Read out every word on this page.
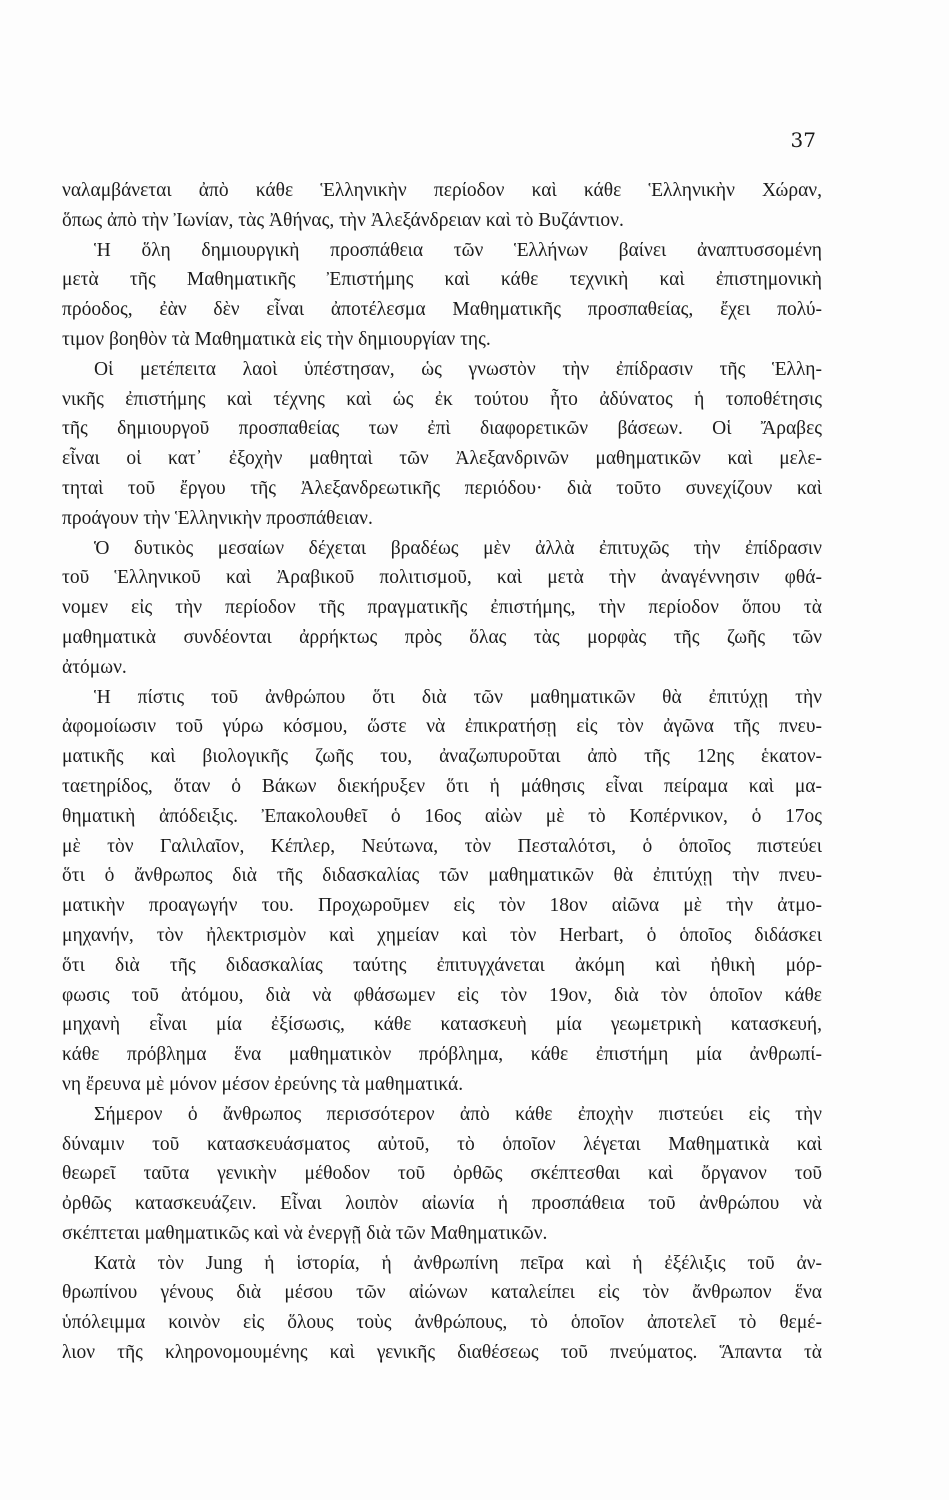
37
ναλαμβάνεται ἀπὸ κάθε Ἑλληνικὴν περίοδον καὶ κάθε Ἑλληνικὴν Χώραν,
ὅπως ἀπὸ τὴν Ἰωνίαν, τὰς Ἀθήνας, τὴν Ἀλεξάνδρειαν καὶ τὸ Βυζάντιον.
Ἡ ὅλη δημιουργικὴ προσπάθεια τῶν Ἑλλήνων βαίνει ἀναπτυσσομένη
μετὰ τῆς Μαθηματικῆς Ἐπιστήμης καὶ κάθε τεχνικὴ καὶ ἐπιστημονικὴ
πρόοδος, ἐὰν δὲν εἶναι ἀποτέλεσμα Μαθηματικῆς προσπαθείας, ἔχει πολύ-
τιμον βοηθὸν τὰ Μαθηματικὰ εἰς τὴν δημιουργίαν της.
Οἱ μετέπειτα λαοὶ ὑπέστησαν, ὡς γνωστὸν τὴν ἐπίδρασιν τῆς Ἑλλη-
νικῆς ἐπιστήμης καὶ τέχνης καὶ ὡς ἐκ τούτου ἦτο ἀδύνατος ἡ τοποθέτησις
τῆς δημιουργοῦ προσπαθείας των ἐπὶ διαφορετικῶν βάσεων. Οἱ Ἄραβες
εἶναι οἱ κατ᾽ ἐξοχὴν μαθηταὶ τῶν Ἀλεξανδρινῶν μαθηματικῶν καὶ μελε-
τηταὶ τοῦ ἔργου τῆς Ἀλεξανδρεωτικῆς περιόδου· διὰ τοῦτο συνεχίζουν καὶ
προάγουν τὴν Ἑλληνικὴν προσπάθειαν.
Ὁ δυτικὸς μεσαίων δέχεται βραδέως μὲν ἀλλὰ ἐπιτυχῶς τὴν ἐπίδρασιν
τοῦ Ἑλληνικοῦ καὶ Ἀραβικοῦ πολιτισμοῦ, καὶ μετὰ τὴν ἀναγέννησιν φθά-
νομεν εἰς τὴν περίοδον τῆς πραγματικῆς ἐπιστήμης, τὴν περίοδον ὅπου τὰ
μαθηματικὰ συνδέονται ἀρρήκτως πρὸς ὅλας τὰς μορφὰς τῆς ζωῆς τῶν
ἀτόμων.
Ἡ πίστις τοῦ ἀνθρώπου ὅτι διὰ τῶν μαθηματικῶν θὰ ἐπιτύχῃ τὴν
ἀφομοίωσιν τοῦ γύρω κόσμου, ὥστε νὰ ἐπικρατήσῃ εἰς τὸν ἀγῶνα τῆς πνευ-
ματικῆς καὶ βιολογικῆς ζωῆς του, ἀναζωπυροῦται ἀπὸ τῆς 12ης ἑκατον-
ταετηρίδος, ὅταν ὁ Βάκων διεκήρυξεν ὅτι ἡ μάθησις εἶναι πείραμα καὶ μα-
θηματικὴ ἀπόδειξις. Ἐπακολουθεῖ ὁ 16ος αἰὼν μὲ τὸ Κοπέρνικον, ὁ 17ος
μὲ τὸν Γαλιλαῖον, Κέπλερ, Νεύτωνα, τὸν Πεσταλότσι, ὁ ὁποῖος πιστεύει
ὅτι ὁ ἄνθρωπος διὰ τῆς διδασκαλίας τῶν μαθηματικῶν θὰ ἐπιτύχῃ τὴν πνευ-
ματικὴν προαγωγήν του. Προχωροῦμεν εἰς τὸν 18ον αἰῶνα μὲ τὴν ἀτμο-
μηχανήν, τὸν ἠλεκτρισμὸν καὶ χημείαν καὶ τὸν Herbart, ὁ ὁποῖος διδάσκει
ὅτι διὰ τῆς διδασκαλίας ταύτης ἐπιτυγχάνεται ἀκόμη καὶ ἠθικὴ μόρ-
φωσις τοῦ ἀτόμου, διὰ νὰ φθάσωμεν εἰς τὸν 19ον, διὰ τὸν ὁποῖον κάθε
μηχανὴ εἶναι μία ἐξίσωσις, κάθε κατασκευὴ μία γεωμετρικὴ κατασκευή,
κάθε πρόβλημα ἕνα μαθηματικὸν πρόβλημα, κάθε ἐπιστήμη μία ἀνθρωπί-
νη ἔρευνα μὲ μόνον μέσον ἐρεύνης τὰ μαθηματικά.
Σήμερον ὁ ἄνθρωπος περισσότερον ἀπὸ κάθε ἐποχὴν πιστεύει εἰς τὴν
δύναμιν τοῦ κατασκευάσματος αὐτοῦ, τὸ ὁποῖον λέγεται Μαθηματικὰ καὶ
θεωρεῖ ταῦτα γενικὴν μέθοδον τοῦ ὀρθῶς σκέπτεσθαι καὶ ὄργανον τοῦ
ὀρθῶς κατασκευάζειν. Εἶναι λοιπὸν αἰωνία ἡ προσπάθεια τοῦ ἀνθρώπου νὰ
σκέπτεται μαθηματικῶς καὶ νὰ ἐνεργῇ διὰ τῶν Μαθηματικῶν.
Κατὰ τὸν Jung ἡ ἱστορία, ἡ ἀνθρωπίνη πεῖρα καὶ ἡ ἐξέλιξις τοῦ ἀν-
θρωπίνου γένους διὰ μέσου τῶν αἰώνων καταλείπει εἰς τὸν ἄνθρωπον ἕνα
ὑπόλειμμα κοινὸν εἰς ὅλους τοὺς ἀνθρώπους, τὸ ὁποῖον ἀποτελεῖ τὸ θεμέ-
λιον τῆς κληρονομουμένης καὶ γενικῆς διαθέσεως τοῦ πνεύματος. Ἅπαντα τὰ
